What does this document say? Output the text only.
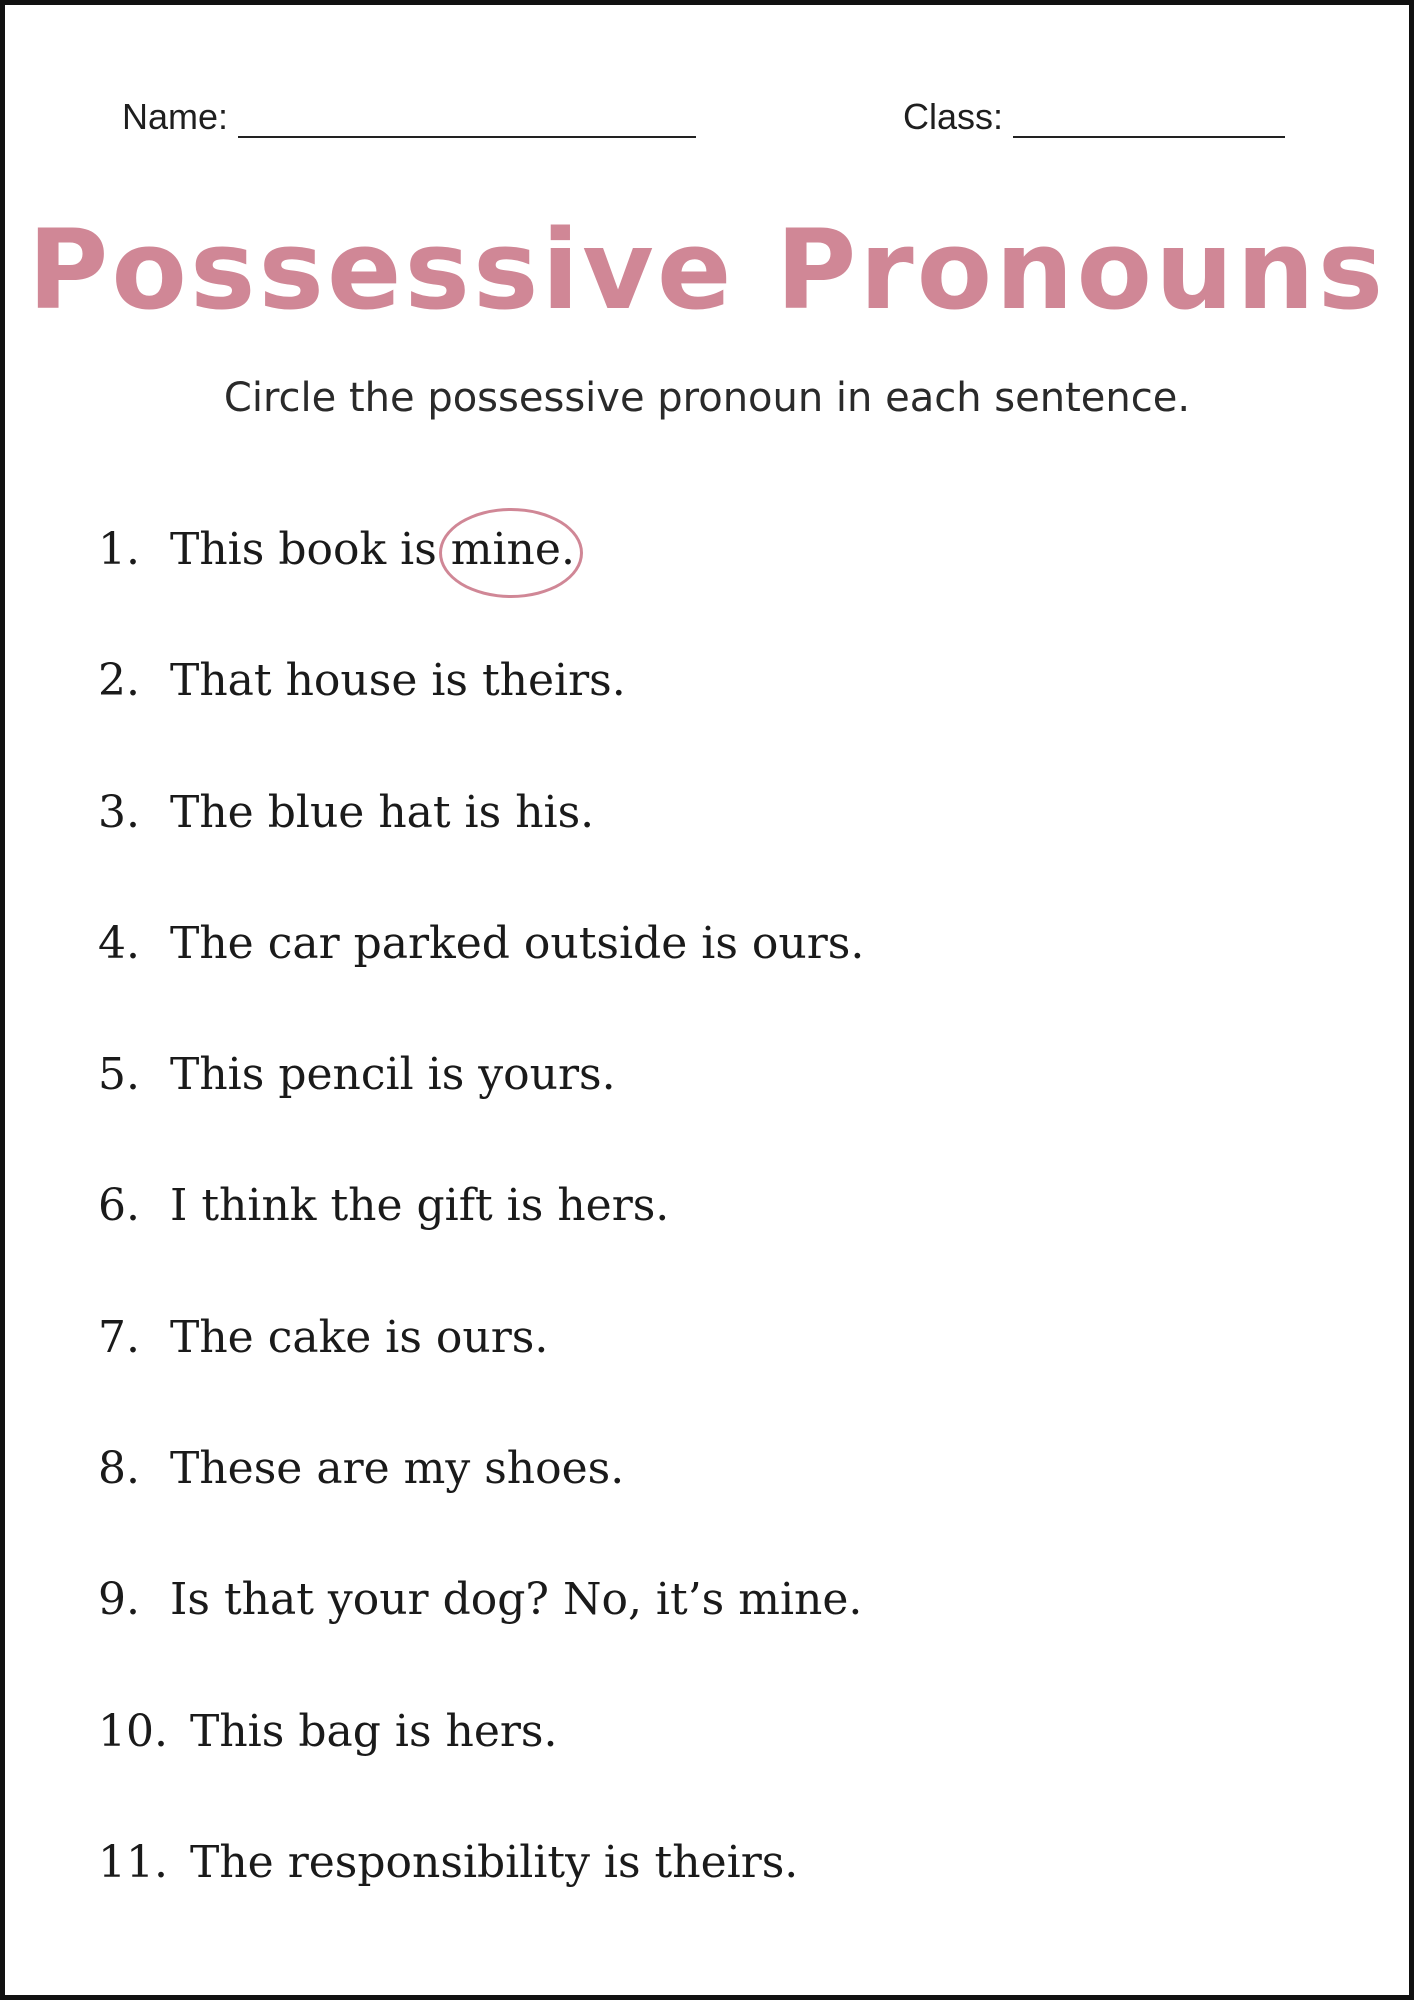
Name:	Class:
Possessive Pronouns
Circle the possessive pronoun in each sentence.
1. This book is mine.
2. That house is theirs.
3. The blue hat is his.
4. The car parked outside is ours.
5. This pencil is yours.
6. I think the gift is hers.
7. The cake is ours.
8. These are my shoes.
9. Is that your dog? No, it’s mine.
10. This bag is hers.
11. The responsibility is theirs.
